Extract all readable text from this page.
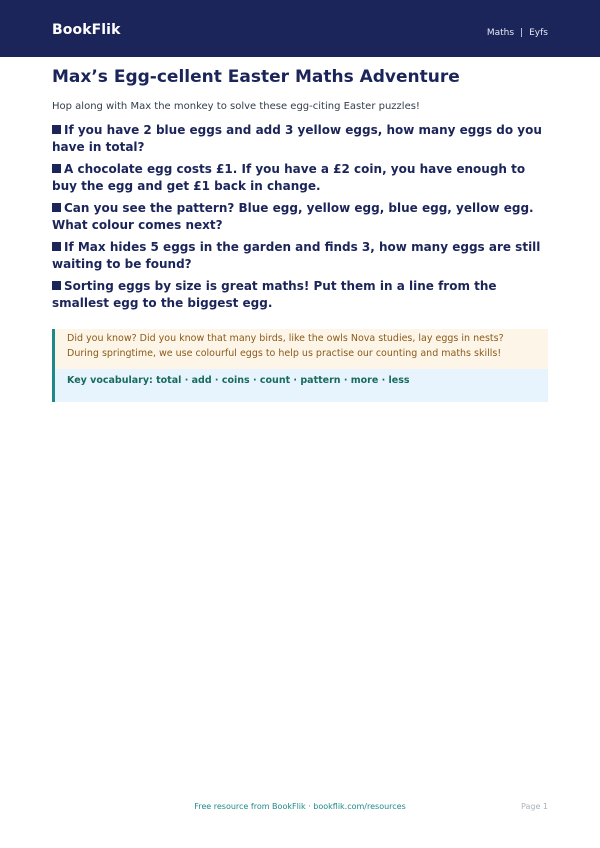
BookFlik	Maths | Eyfs
Max’s Egg-cellent Easter Maths Adventure

Hop along with Max the monkey to solve these egg-citing Easter puzzles!

If you have 2 blue eggs and add 3 yellow eggs, how many eggs do you have in total?
A chocolate egg costs £1. If you have a £2 coin, you have enough to buy the egg and get £1 back in change.
Can you see the pattern? Blue egg, yellow egg, blue egg, yellow egg. What colour comes next?
If Max hides 5 eggs in the garden and finds 3, how many eggs are still waiting to be found?
Sorting eggs by size is great maths! Put them in a line from the smallest egg to the biggest egg.
Did you know? Did you know that many birds, like the owls Nova studies, lay eggs in nests? During springtime, we use colourful eggs to help us practise our counting and maths skills!
Key vocabulary: total · add · coins · count · pattern · more · less
Free resource from BookFlik · bookflik.com/resources	Page 1
